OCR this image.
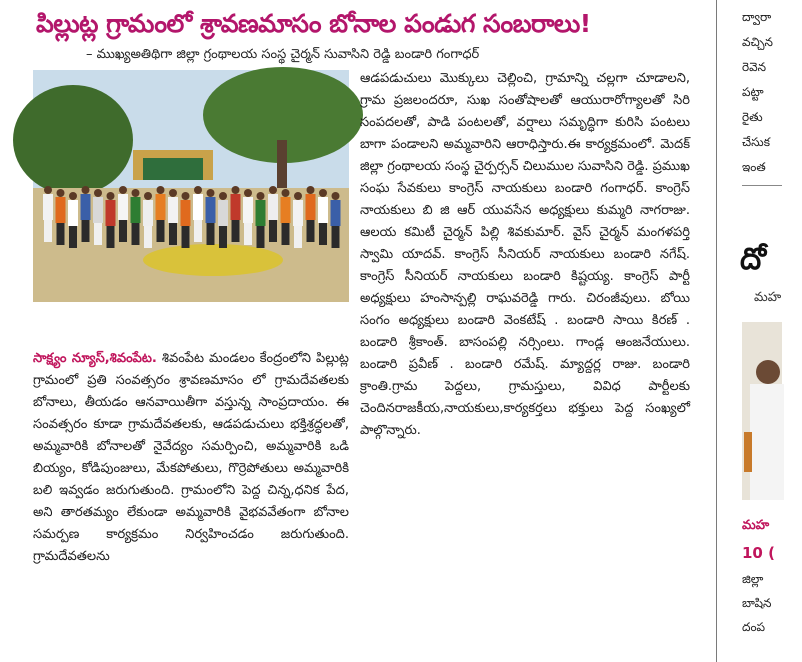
పిల్లుట్ల గ్రామంలో శ్రావణమాసం బోనాల పండుగ సంబరాలు!
– ముఖ్యఅతిథిగా జిల్లా గ్రంథాలయ సంస్థ చైర్మన్ సువాసిని రెడ్డి బండారి గంగాధర్

సాక్ష్యం న్యూస్,శివంపేట. శివంపేట మండలం కేంద్రంలోని పిల్లుట్ల గ్రామంలో ప్రతి సంవత్సరం శ్రావణమాసం లో గ్రామదేవతలకు బోనాలు, తీయడం ఆనవాయితీగా వస్తున్న సాంప్రదాయం. ఈ సంవత్సరం కూడా గ్రామదేవతలకు, ఆడపడుచులు భక్తిశ్రద్ధలతో, అమ్మవారికి బోనాలతో నైవేద్యం సమర్పించి, అమ్మవారికి ఒడి బియ్యం, కోడిపుంజులు, మేకపోతులు, గొర్రెపోతులు అమ్మవారికి బలి ఇవ్వడం జరుగుతుంది. గ్రామంలోని పెద్ద చిన్న,ధనిక పేద, అని తారతమ్యం లేకుండా అమ్మవారికి వైభవవేతంగా బోనాల సమర్పణ కార్యక్రమం నిర్వహించడం జరుగుతుంది. గ్రామదేవతలను

ఆడపడుచులు మొక్కులు చెల్లించి, గ్రామాన్ని చల్లగా చూడాలని, గ్రామ ప్రజలందరూ, సుఖ సంతోషాలతో ఆయురారోగ్యాలతో సిరి సంపదలతో, పాడి పంటలతో, వర్షాలు సమృద్ధిగా కురిసి పంటలు బాగా పండాలని అమ్మవారిని ఆరాధిస్తారు.ఈ కార్యక్రమంలో. మెదక్ జిల్లా గ్రంథాలయ సంస్థ చైర్పర్సన్ చిలుముల సువాసిని రెడ్డి. ప్రముఖ సంఘ సేవకులు కాంగ్రెస్ నాయకులు బండారి గంగాధర్. కాంగ్రెస్ నాయకులు బి జి ఆర్ యువసేన అధ్యక్షులు కుమ్మరి నాగరాజు. ఆలయ కమిటీ చైర్మన్ పిల్లి శివకుమార్. వైస్ చైర్మన్ మంగళపర్తి స్వామి యాదవ్. కాంగ్రెస్ సీనియర్ నాయకులు బండారి నగేష్. కాంగ్రెస్ సీనియర్ నాయకులు బండారి కిష్టయ్య. కాంగ్రెస్ పార్టీ అధ్యక్షులు హంసాన్పల్లి రాఘవరెడ్డి గారు. చిరంజీవులు. బోయి సంగం అధ్యక్షులు బండారి వెంకటేష్ . బండారి సాయి కిరణ్ . బండారి శ్రీకాంత్. బాసంపల్లి నర్సింలు. గాండ్ల ఆంజనేయులు. బండారి ప్రవీణ్ . బండారి రమేష్. మ్యాద్దర్ల రాజు. బండారి క్రాంతి.గ్రామ పెద్దలు, గ్రామస్తులు, వివిధ పార్టీలకు చెందినరాజకీయ,నాయకులు,కార్యకర్తలు భక్తులు పెద్ద సంఖ్యలో పాల్గొన్నారు.

ద్వారా
వచ్చిన
రెవెన
పట్టా
రైతు
చేసుక
ఇంత
దో
మహ
మహ
10 (
జిల్లా
బాషిన
దంప
